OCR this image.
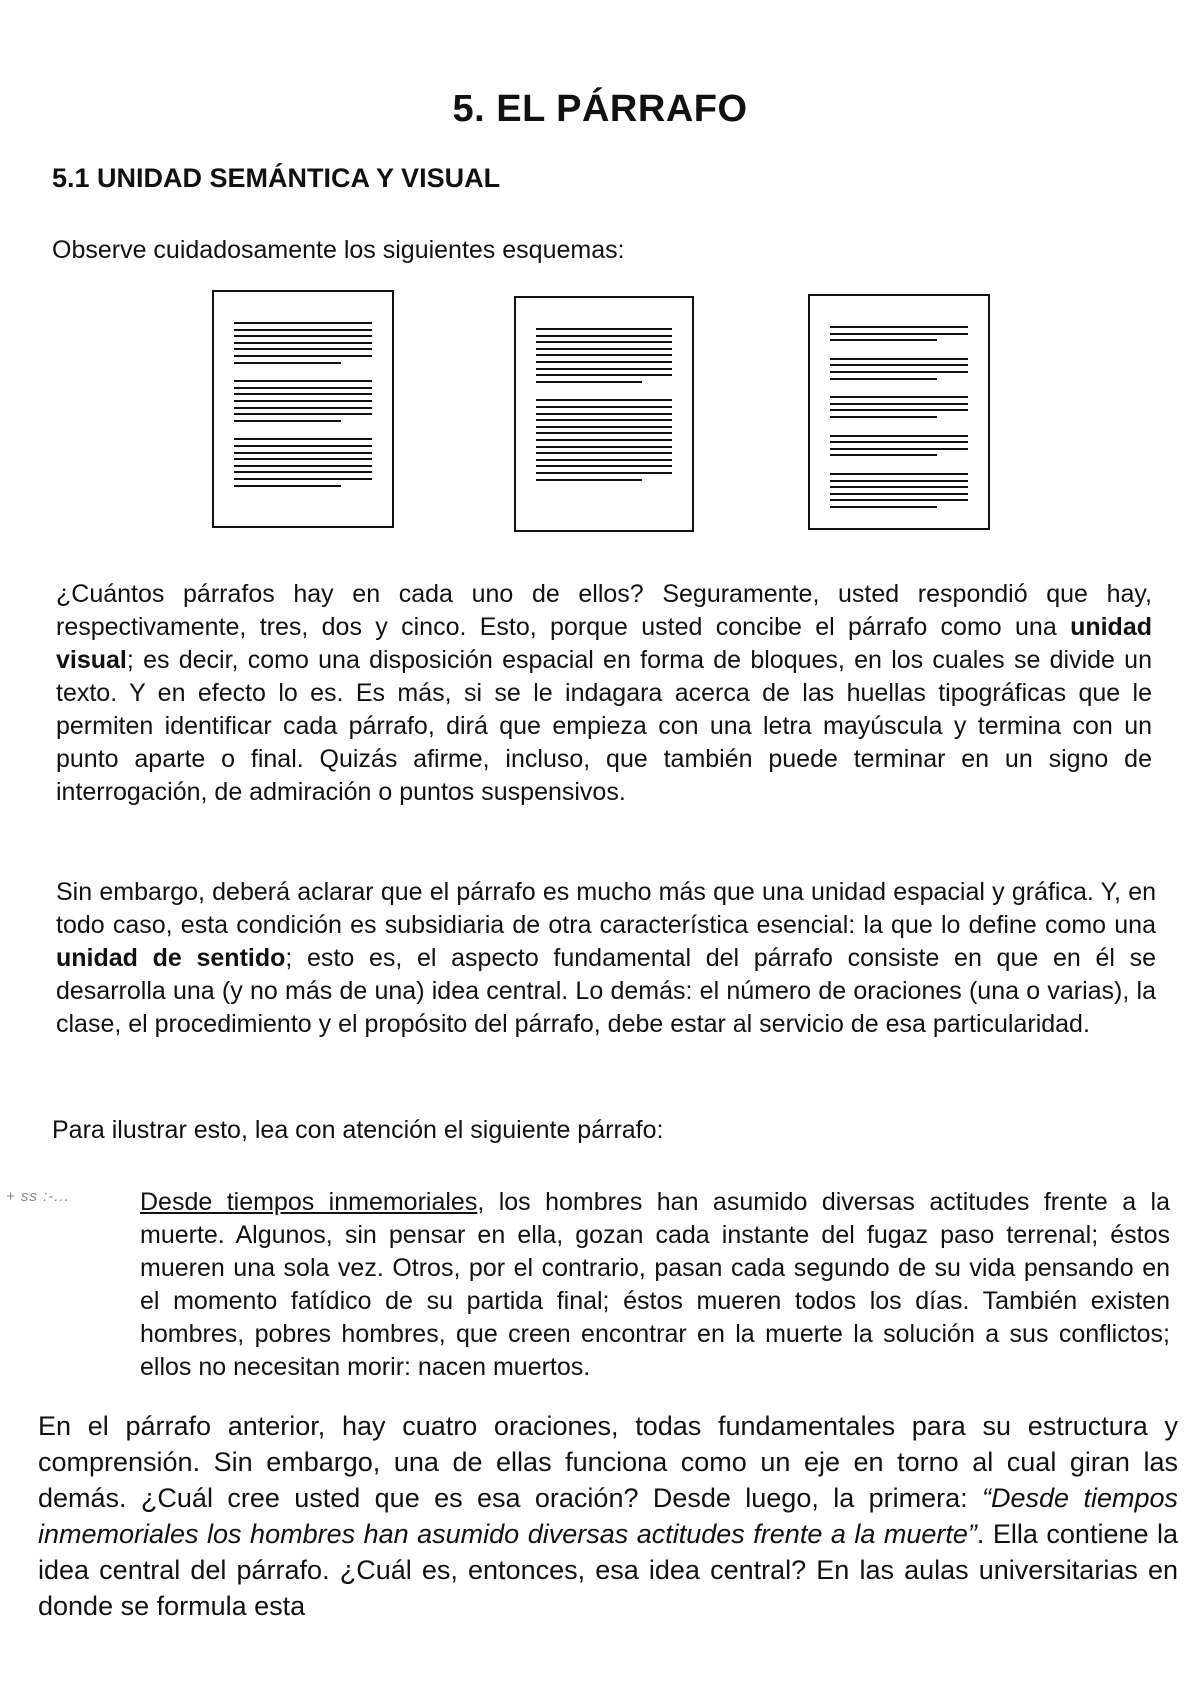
5. EL PÁRRAFO
5.1 UNIDAD SEMÁNTICA Y VISUAL
Observe cuidadosamente los siguientes esquemas:
¿Cuántos párrafos hay en cada uno de ellos? Seguramente, usted respondió que hay, respectivamente, tres, dos y cinco. Esto, porque usted concibe el párrafo como una unidad visual; es decir, como una disposición espacial en forma de bloques, en los cuales se divide un texto. Y en efecto lo es. Es más, si se le indagara acerca de las huellas tipográficas que le permiten identificar cada párrafo, dirá que empieza con una letra mayúscula y termina con un punto aparte o final. Quizás afirme, incluso, que también puede terminar en un signo de interrogación, de admiración o puntos suspensivos.
Sin embargo, deberá aclarar que el párrafo es mucho más que una unidad espacial y gráfica. Y, en todo caso, esta condición es subsidiaria de otra característica esencial: la que lo define como una unidad de sentido; esto es, el aspecto fundamental del párrafo consiste en que en él se desarrolla una (y no más de una) idea central. Lo demás: el número de oraciones (una o varias), la clase, el procedimiento y el propósito del párrafo, debe estar al servicio de esa particularidad.
Para ilustrar esto, lea con atención el siguiente párrafo:
+ ss :-...	Desde tiempos inmemoriales, los hombres han asumido diversas actitudes frente a la muerte. Algunos, sin pensar en ella, gozan cada instante del fugaz paso terrenal; éstos mueren una sola vez. Otros, por el contrario, pasan cada segundo de su vida pensando en el momento fatídico de su partida final; éstos mueren todos los días. También existen hombres, pobres hombres, que creen encontrar en la muerte la solución a sus conflictos; ellos no necesitan morir: nacen muertos.
En el párrafo anterior, hay cuatro oraciones, todas fundamentales para su estructura y comprensión. Sin embargo, una de ellas funciona como un eje en torno al cual giran las demás. ¿Cuál cree usted que es esa oración? Desde luego, la primera: “Desde tiempos inmemoriales los hombres han asumido diversas actitudes frente a la muerte”. Ella contiene la idea central del párrafo. ¿Cuál es, entonces, esa idea central? En las aulas universitarias en donde se formula esta
